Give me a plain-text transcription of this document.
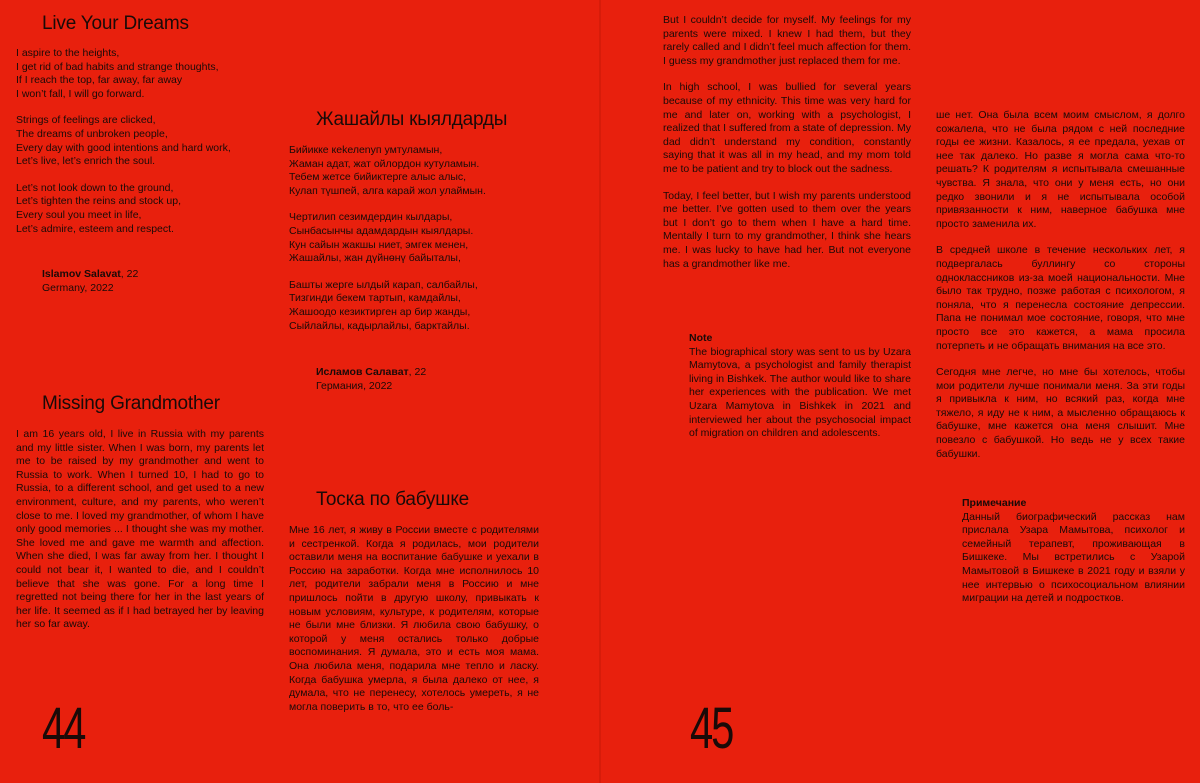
Live Your Dreams

I aspire to the heights,

I get rid of bad habits and strange thoughts,

If I reach the top, far away, far away

I won’t fall, I will go forward.

Strings of feelings are clicked,

The dreams of unbroken people,

Every day with good intentions and hard work,

Let’s live, let’s enrich the soul.

Let’s not look down to the ground,

Let’s tighten the reins and stock up,

Every soul you meet in life,

Let’s admire, esteem and respect.

Islamov Salavat, 22
Germany, 2022
Жашайлы кыялдарды

Бийикке кеkелеnуп умтуламын,

Жаман адат, жат ойлордон кутуламын.

Тебем жетсе бийиктерге алыс алыс,

Кулап түшпей, алга карай жол улаймын.

Чертилип сезимдердин кылдары,

Сынбасынчы адамдардын кыялдары.

Кун сайын жакшы ниет, эмгек менен,

Жашайлы, жан дүйнөнү байыталы,

Башты жерге ылдый карап, салбайлы,

Тизгинди бекем тартып, камдайлы,

Жашоодо кезиктирген ар бир жанды,

Сыйлайлы, кадырлайлы, барктайлы.

Исламов Салават, 22
Германия, 2022
Missing Grandmother

I am 16 years old, I live in Russia with my parents and my little sister. When I was born, my parents let me to be raised by my grandmother and went to Russia to work. When I turned 10, I had to go to Russia, to a different school, and get used to a new environment, culture, and my parents, who weren’t close to me. I loved my grandmother, of whom I have only good memories ... I thought she was my mother. She loved me and gave me warmth and affection. When she died, I was far away from her. I thought I could not bear it, I wanted to die, and I couldn’t believe that she was gone. For a long time I regretted not being there for her in the last years of her life. It seemed as if I had betrayed her by leaving her so far away.

Тоска по бабушке

Мне 16 лет, я живу в России вместе с родителями и сестренкой. Когда я родилась, мои родители оставили меня на воспитание бабушке и уехали в Россию на заработки. Когда мне исполнилось 10 лет, родители забрали меня в Россию и мне пришлось пойти в другую школу, привыкать к новым условиям, культуре, к родителям, которые не были мне близки. Я любила свою бабушку, о которой у меня остались только добрые воспоминания. Я думала, это и есть моя мама. Она любила меня, подарила мне тепло и ласку. Когда бабушка умерла, я была далеко от нее, я думала, что не перенесу, хотелось умереть, я не могла поверить в то, что ее боль-

44

But I couldn’t decide for myself. My feelings for my parents were mixed. I knew I had them, but they rarely called and I didn’t feel much affection for them. I guess my grandmother just replaced them for me.

In high school, I was bullied for several years because of my ethnicity. This time was very hard for me and later on, working with a psychologist, I realized that I suffered from a state of depression. My dad didn’t understand my condition, constantly saying that it was all in my head, and my mom told me to be patient and try to block out the sadness.

Today, I feel better, but I wish my parents understood me better. I’ve gotten used to them over the years but I don’t go to them when I have a hard time. Mentally I turn to my grandmother, I think she hears me. I was lucky to have had her. But not everyone has a grandmother like me.

Note

The biographical story was sent to us by Uzara Mamytova, a psychologist and family therapist living in Bishkek. The author would like to share her experiences with the publication. We met Uzara Mamytova in Bishkek in 2021 and interviewed her about the psychosocial impact of migration on children and adolescents.

ше нет. Она была всем моим смыслом, я долго сожалела, что не была рядом с ней последние годы ее жизни. Казалось, я ее предала, уехав от нее так далеко. Но разве я могла сама что-то решать? К родителям я испытывала смешанные чувства. Я знала, что они у меня есть, но они редко звонили и я не испытывала особой привязанности к ним, наверное бабушка мне просто заменила их.

В средней школе в течение нескольких лет, я подвергалась буллингу со стороны одноклассников из-за моей национальности. Мне было так трудно, позже работая с психологом, я поняла, что я перенесла состояние депрессии. Папа не понимал мое состояние, говоря, что мне просто все это кажется, а мама просила потерпеть и не обращать внимания на все это.

Сегодня мне легче, но мне бы хотелось, чтобы мои родители лучше понимали меня. За эти годы я привыкла к ним, но всякий раз, когда мне тяжело, я иду не к ним, а мысленно обращаюсь к бабушке, мне кажется она меня слышит. Мне повезло с бабушкой. Но ведь не у всех такие бабушки.

Примечание

Данный биографический рассказ нам прислала Узара Мамытова, психолог и семейный терапевт, проживающая в Бишкеке. Мы встретились с Узарой Мамытовой в Бишкеке в 2021 году и взяли у нее интервью о психосоциальном влиянии миграции на детей и подростков.

45
